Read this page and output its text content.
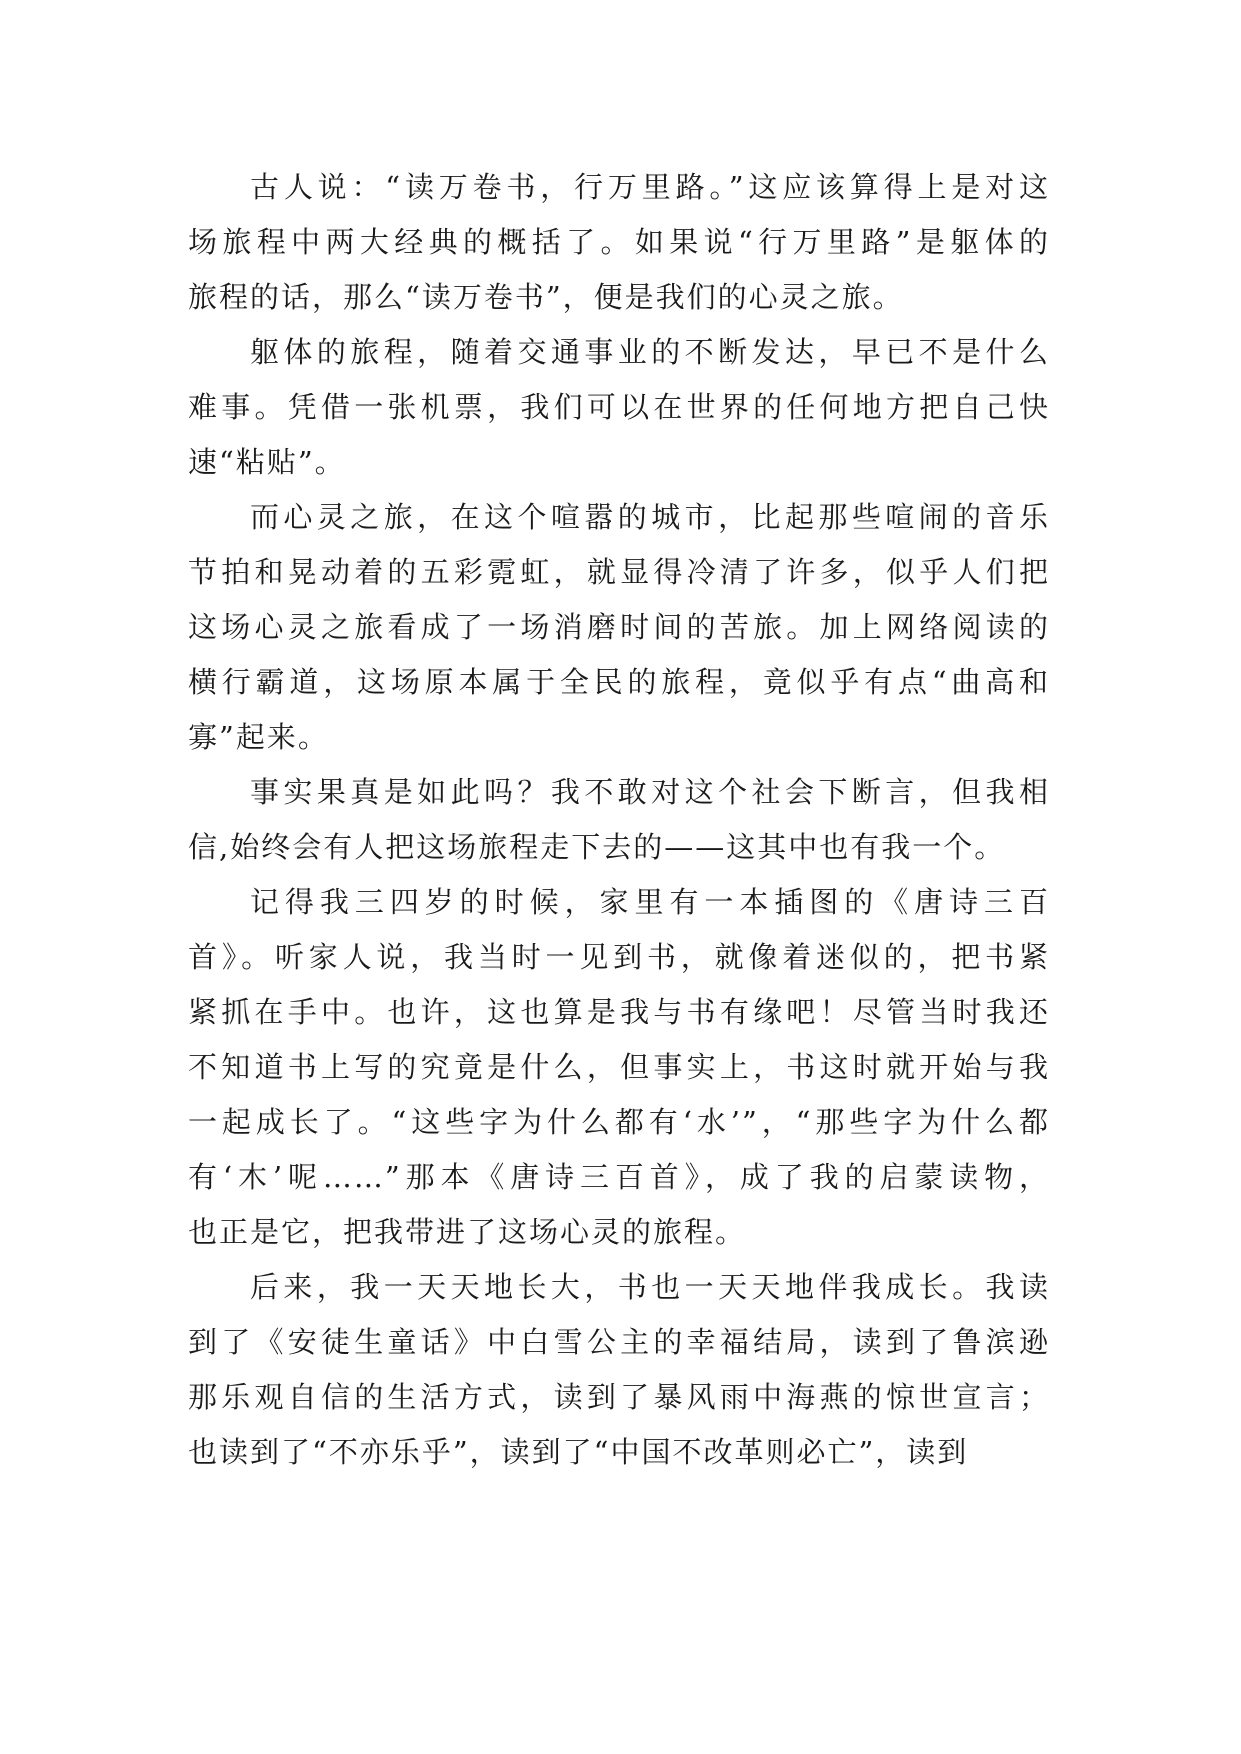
古人说：“读万卷书，行万里路。”这应该算得上是对这
场旅程中两大经典的概括了。如果说“行万里路”是躯体的
旅程的话，那么“读万卷书”，便是我们的心灵之旅。
躯体的旅程，随着交通事业的不断发达，早已不是什么
难事。凭借一张机票，我们可以在世界的任何地方把自己快
速“粘贴”。
而心灵之旅，在这个喧嚣的城市，比起那些喧闹的音乐
节拍和晃动着的五彩霓虹，就显得冷清了许多，似乎人们把
这场心灵之旅看成了一场消磨时间的苦旅。加上网络阅读的
横行霸道，这场原本属于全民的旅程，竟似乎有点“曲高和
寡”起来。
事实果真是如此吗？我不敢对这个社会下断言，但我相
信,始终会有人把这场旅程走下去的——这其中也有我一个。
记得我三四岁的时候，家里有一本插图的《唐诗三百
首》。听家人说，我当时一见到书，就像着迷似的，把书紧
紧抓在手中。也许，这也算是我与书有缘吧！尽管当时我还
不知道书上写的究竟是什么，但事实上，书这时就开始与我
一起成长了。“这些字为什么都有‘水’”，“那些字为什么都
有‘木’呢……”那本《唐诗三百首》，成了我的启蒙读物，
也正是它，把我带进了这场心灵的旅程。
后来，我一天天地长大，书也一天天地伴我成长。我读
到了《安徒生童话》中白雪公主的幸福结局，读到了鲁滨逊
那乐观自信的生活方式，读到了暴风雨中海燕的惊世宣言；
也读到了“不亦乐乎”，读到了“中国不改革则必亡”，读到
